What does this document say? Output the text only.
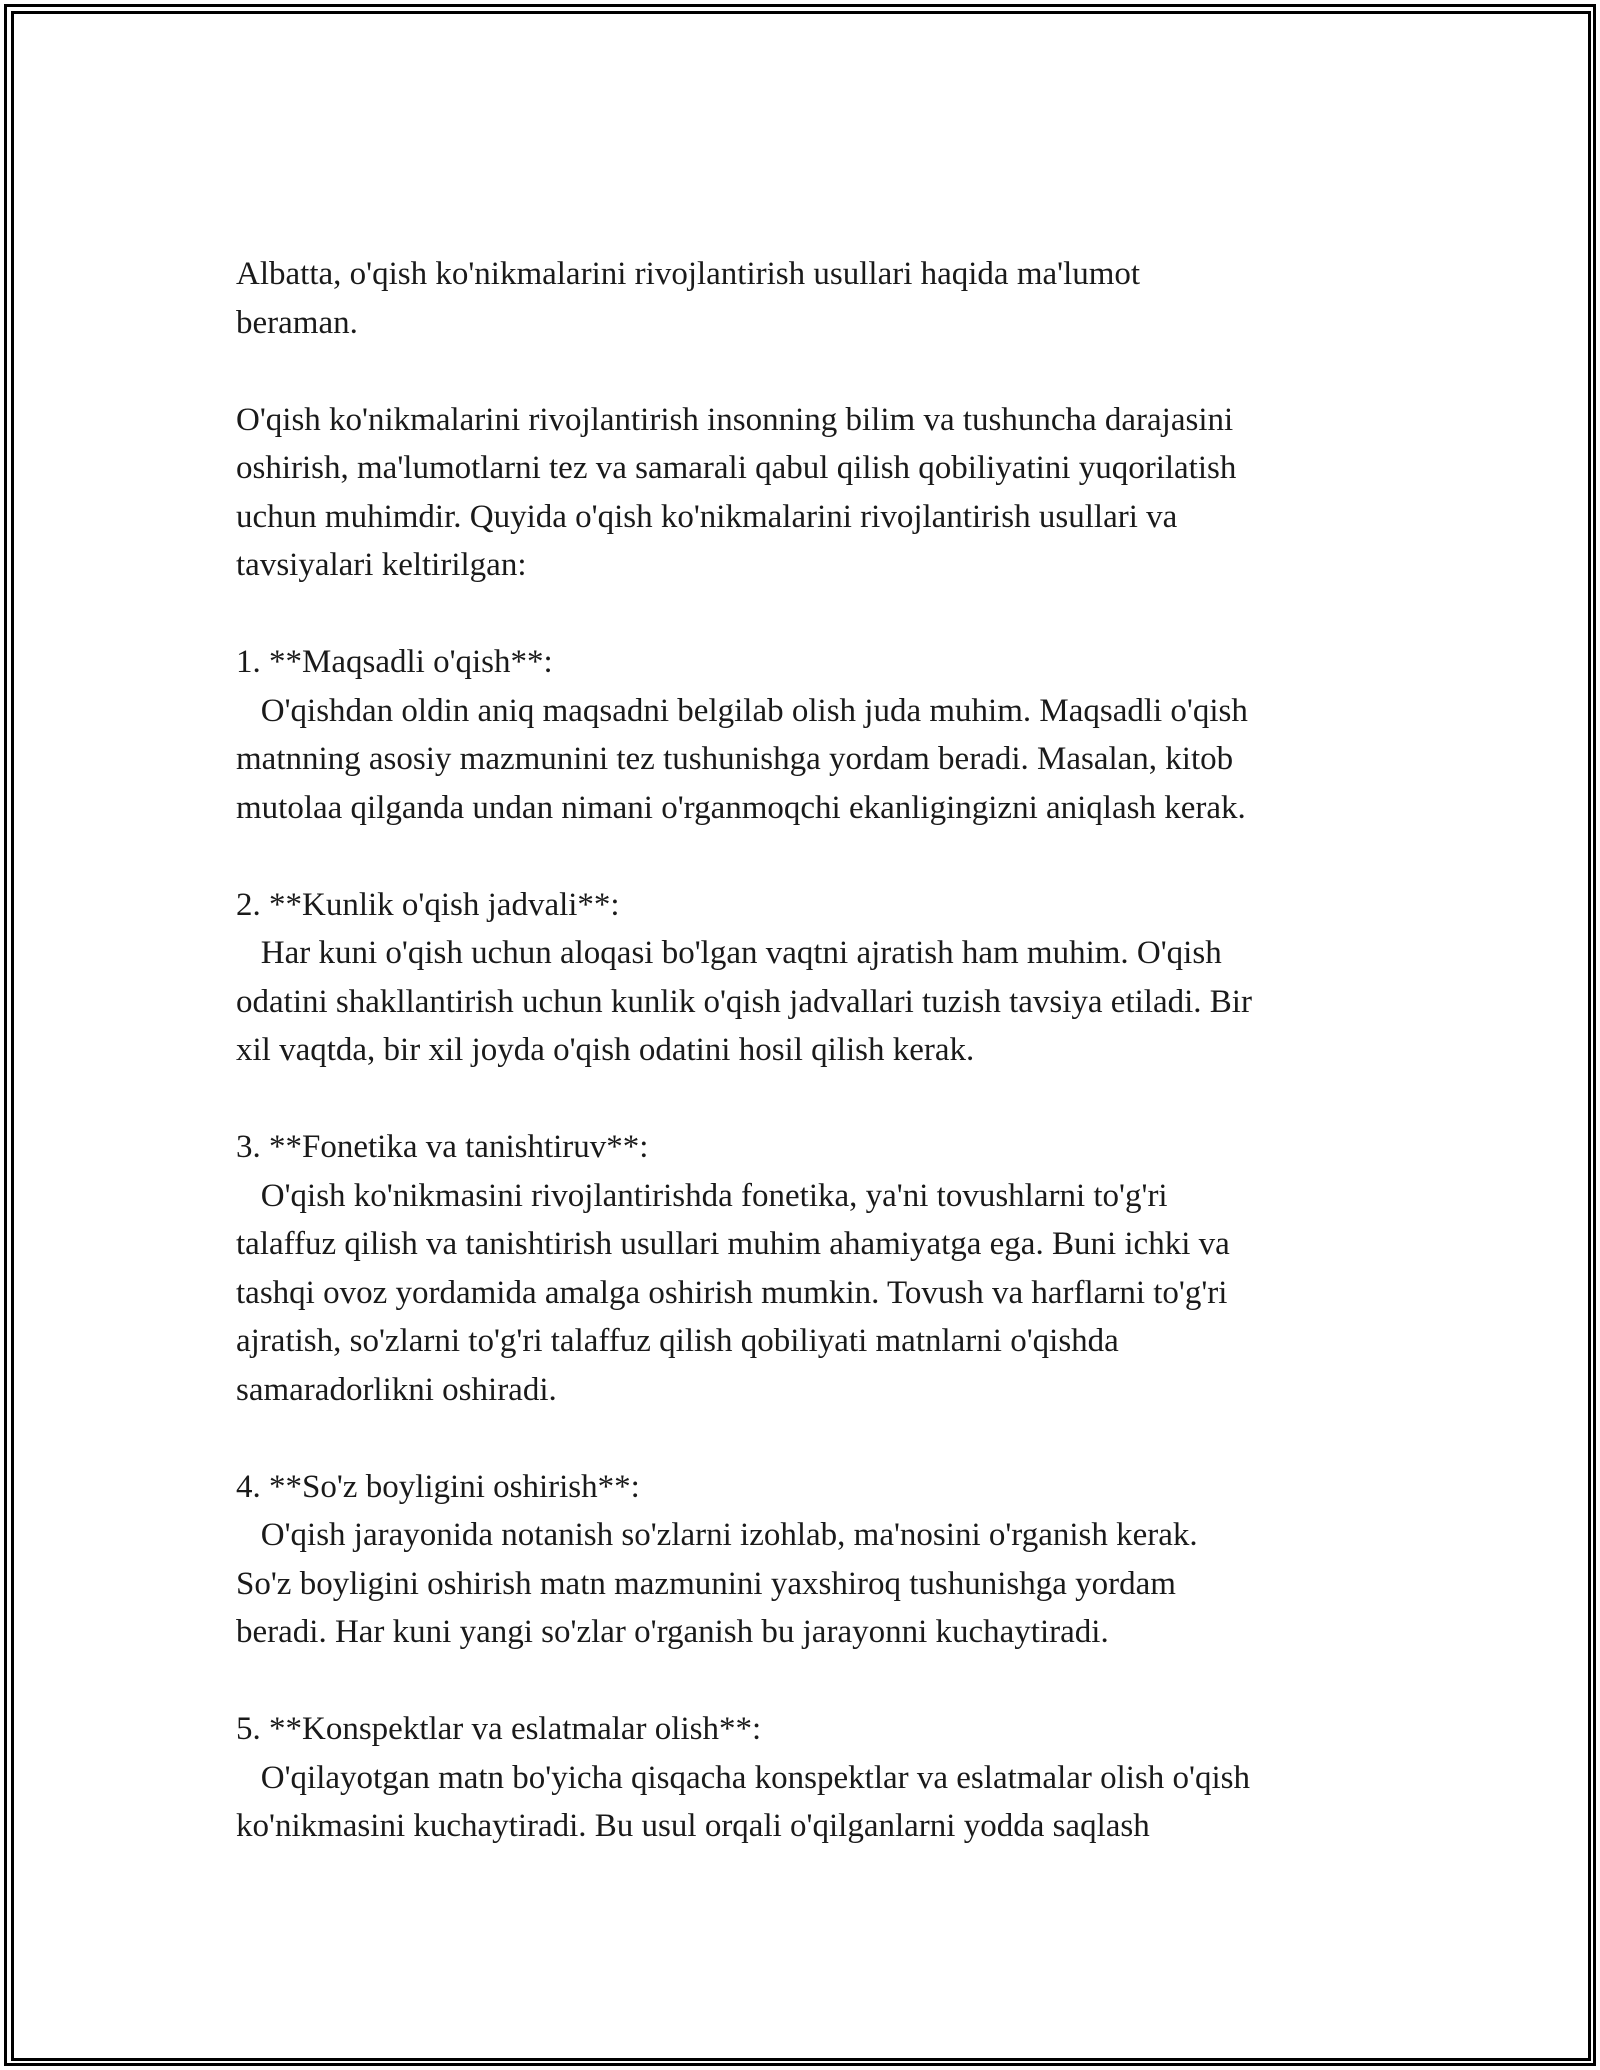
Albatta, o'qish ko'nikmalarini rivojlantirish usullari haqida ma'lumot
beraman.

O'qish ko'nikmalarini rivojlantirish insonning bilim va tushuncha darajasini
oshirish, ma'lumotlarni tez va samarali qabul qilish qobiliyatini yuqorilatish
uchun muhimdir. Quyida o'qish ko'nikmalarini rivojlantirish usullari va
tavsiyalari keltirilgan:

1. **Maqsadli o'qish**:
O'qishdan oldin aniq maqsadni belgilab olish juda muhim. Maqsadli o'qish
matnning asosiy mazmunini tez tushunishga yordam beradi. Masalan, kitob
mutolaa qilganda undan nimani o'rganmoqchi ekanligingizni aniqlash kerak.

2. **Kunlik o'qish jadvali**:
Har kuni o'qish uchun aloqasi bo'lgan vaqtni ajratish ham muhim. O'qish
odatini shakllantirish uchun kunlik o'qish jadvallari tuzish tavsiya etiladi. Bir
xil vaqtda, bir xil joyda o'qish odatini hosil qilish kerak.

3. **Fonetika va tanishtiruv**:
O'qish ko'nikmasini rivojlantirishda fonetika, ya'ni tovushlarni to'g'ri
talaffuz qilish va tanishtirish usullari muhim ahamiyatga ega. Buni ichki va
tashqi ovoz yordamida amalga oshirish mumkin. Tovush va harflarni to'g'ri
ajratish, so'zlarni to'g'ri talaffuz qilish qobiliyati matnlarni o'qishda
samaradorlikni oshiradi.

4. **So'z boyligini oshirish**:
O'qish jarayonida notanish so'zlarni izohlab, ma'nosini o'rganish kerak.
So'z boyligini oshirish matn mazmunini yaxshiroq tushunishga yordam
beradi. Har kuni yangi so'zlar o'rganish bu jarayonni kuchaytiradi.

5. **Konspektlar va eslatmalar olish**:
O'qilayotgan matn bo'yicha qisqacha konspektlar va eslatmalar olish o'qish
ko'nikmasini kuchaytiradi. Bu usul orqali o'qilganlarni yodda saqlash
